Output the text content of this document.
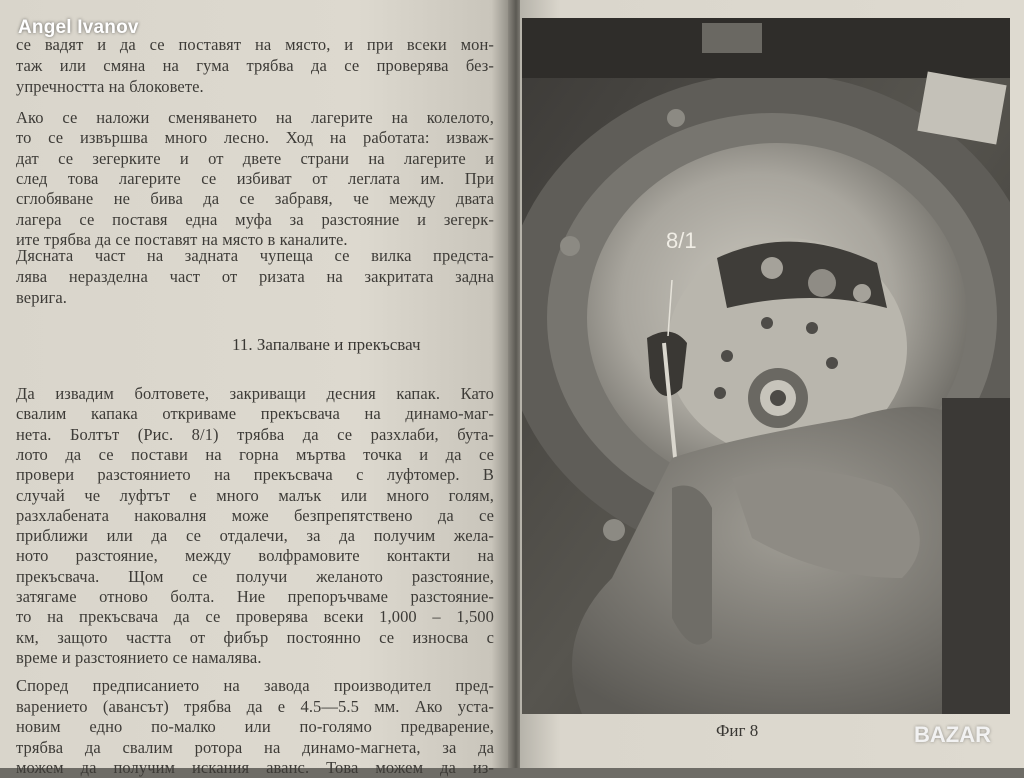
се вадят и да се поставят на място, и при всеки мон-
таж или смяна на гума трябва да се проверява без-
упречността на блоковете.
Ако се наложи сменяването на лагерите на колелото,
то се извършва много лесно. Ход на работата: изваж-
дат се зегерките и от двете страни на лагерите и
след това лагерите се избиват от леглата им. При
сглобяване не бива да се забравя, че между двата
лагера се поставя една муфа за разстояние и зегерк-
ите трябва да се поставят на място в каналите.
Дясната част на задната чупеща се вилка предста-
лява неразделна част от ризата на закритата задна
верига.
Да извадим болтовете, закриващи десния капак. Като
свалим капака откриваме прекъсвача на динамо-маг-
нета. Болтът (Рис. 8/1) трябва да се разхлаби, бута-
лото да се постави на горна мъртва точка и да се
провери разстоянието на прекъсвача с луфтомер. В
случай че луфтът е много малък или много голям,
разхлабената наковалня може безпрепятствено да се
приближи или да се отдалечи, за да получим жела-
ното разстояние, между волфрамовите контакти на
прекъсвача. Щом се получи желаното разстояние,
затягаме отново болта. Ние препоръчваме разстояние-
то на прекъсвача да се проверява всеки 1,000 – 1,500
км, защото частта от фибър постоянно се износва с
време и разстоянието се намалява.
Според предписанието на завода производител пред-
варението (авансът) трябва да е 4.5—5.5 мм. Ако уста-
новим едно по-малко или по-голямо предварение,
трябва да свалим ротора на динамо-магнета, за да
можем да получим искания аванс. Това можем да из-
11. Запалване и прекъсвач
8/1
Фиг 8
Angel Ivanov
BAZAR
